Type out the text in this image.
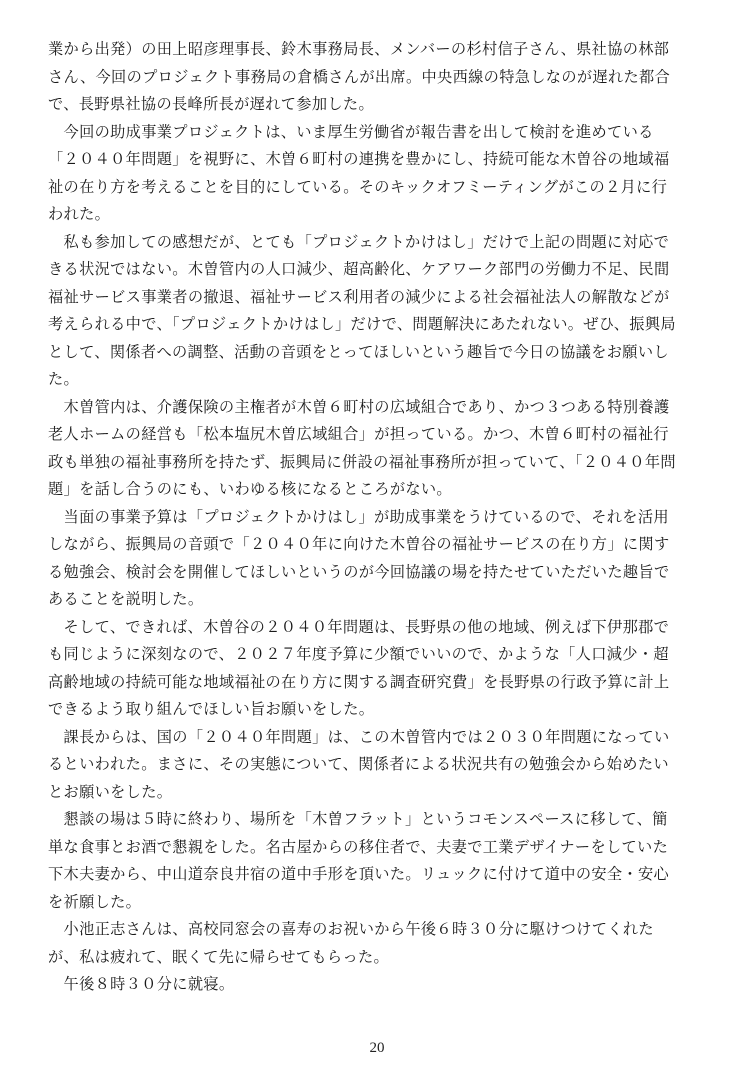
業から出発）の田上昭彦理事長、鈴木事務局長、メンバーの杉村信子さん、県社協の林部
さん、今回のプロジェクト事務局の倉橋さんが出席。中央西線の特急しなのが遅れた都合
で、長野県社協の長峰所長が遅れて参加した。
　今回の助成事業プロジェクトは、いま厚生労働省が報告書を出して検討を進めている
「２０４０年問題」を視野に、木曽６町村の連携を豊かにし、持続可能な木曽谷の地域福
祉の在り方を考えることを目的にしている。そのキックオフミーティングがこの２月に行
われた。
　私も参加しての感想だが、とても「プロジェクトかけはし」だけで上記の問題に対応で
きる状況ではない。木曽管内の人口減少、超高齢化、ケアワーク部門の労働力不足、民間
福祉サービス事業者の撤退、福祉サービス利用者の減少による社会福祉法人の解散などが
考えられる中で、「プロジェクトかけはし」だけで、問題解決にあたれない。ぜひ、振興局
として、関係者への調整、活動の音頭をとってほしいという趣旨で今日の協議をお願いし
た。
　木曽管内は、介護保険の主権者が木曽６町村の広域組合であり、かつ３つある特別養護
老人ホームの経営も「松本塩尻木曽広域組合」が担っている。かつ、木曽６町村の福祉行
政も単独の福祉事務所を持たず、振興局に併設の福祉事務所が担っていて、「２０４０年問
題」を話し合うのにも、いわゆる核になるところがない。
　当面の事業予算は「プロジェクトかけはし」が助成事業をうけているので、それを活用
しながら、振興局の音頭で「２０４０年に向けた木曽谷の福祉サービスの在り方」に関す
る勉強会、検討会を開催してほしいというのが今回協議の場を持たせていただいた趣旨で
あることを説明した。
　そして、できれば、木曽谷の２０４０年問題は、長野県の他の地域、例えば下伊那郡で
も同じように深刻なので、２０２７年度予算に少額でいいので、かような「人口減少・超
高齢地域の持続可能な地域福祉の在り方に関する調査研究費」を長野県の行政予算に計上
できるよう取り組んでほしい旨お願いをした。
　課長からは、国の「２０４０年問題」は、この木曽管内では２０３０年問題になってい
るといわれた。まさに、その実態について、関係者による状況共有の勉強会から始めたい
とお願いをした。
　懇談の場は５時に終わり、場所を「木曽フラット」というコモンスペースに移して、簡
単な食事とお酒で懇親をした。名古屋からの移住者で、夫妻で工業デザイナーをしていた
下木夫妻から、中山道奈良井宿の道中手形を頂いた。リュックに付けて道中の安全・安心
を祈願した。
　小池正志さんは、高校同窓会の喜寿のお祝いから午後６時３０分に駆けつけてくれた
が、私は疲れて、眠くて先に帰らせてもらった。
　午後８時３０分に就寝。
20
